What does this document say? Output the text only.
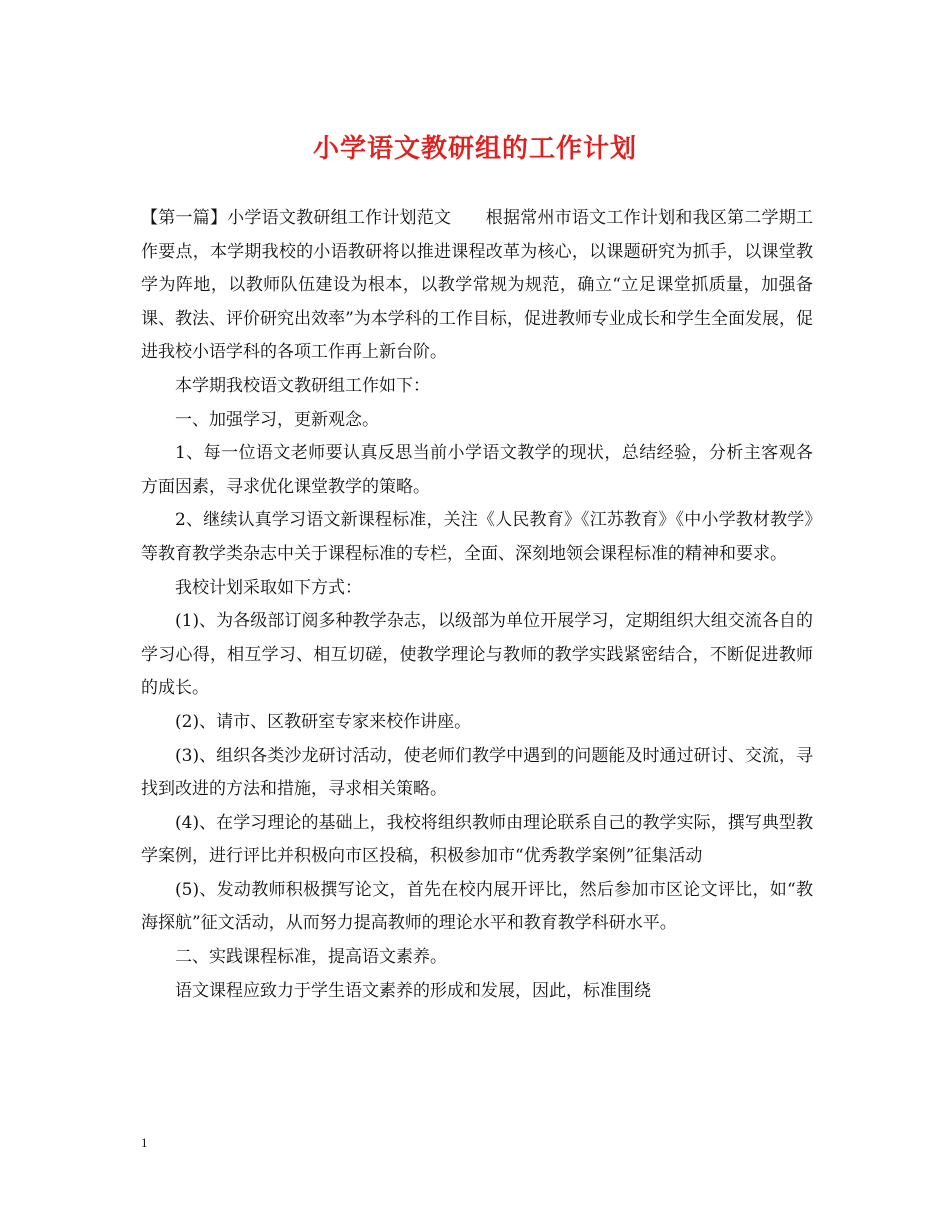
小学语文教研组的工作计划

【第一篇】小学语文教研组工作计划范文　　根据常州市语文工作计划和我区第二学期工作要点，本学期我校的小语教研将以推进课程改革为核心，以课题研究为抓手，以课堂教学为阵地，以教师队伍建设为根本，以教学常规为规范，确立“立足课堂抓质量，加强备课、教法、评价研究出效率”为本学科的工作目标，促进教师专业成长和学生全面发展，促进我校小语学科的各项工作再上新台阶。

本学期我校语文教研组工作如下：

一、加强学习，更新观念。

1、每一位语文老师要认真反思当前小学语文教学的现状，总结经验，分析主客观各方面因素，寻求优化课堂教学的策略。

2、继续认真学习语文新课程标准，关注《人民教育》《江苏教育》《中小学教材教学》等教育教学类杂志中关于课程标准的专栏，全面、深刻地领会课程标准的精神和要求。

我校计划采取如下方式：

(1)、为各级部订阅多种教学杂志，以级部为单位开展学习，定期组织大组交流各自的学习心得，相互学习、相互切磋，使教学理论与教师的教学实践紧密结合，不断促进教师的成长。

(2)、请市、区教研室专家来校作讲座。

(3)、组织各类沙龙研讨活动，使老师们教学中遇到的问题能及时通过研讨、交流，寻找到改进的方法和措施，寻求相关策略。

(4)、在学习理论的基础上，我校将组织教师由理论联系自己的教学实际，撰写典型教学案例，进行评比并积极向市区投稿，积极参加市“优秀教学案例”征集活动

(5)、发动教师积极撰写论文，首先在校内展开评比，然后参加市区论文评比，如“教海探航”征文活动，从而努力提高教师的理论水平和教育教学科研水平。

二、实践课程标准，提高语文素养。

语文课程应致力于学生语文素养的形成和发展，因此，标准围绕

1
